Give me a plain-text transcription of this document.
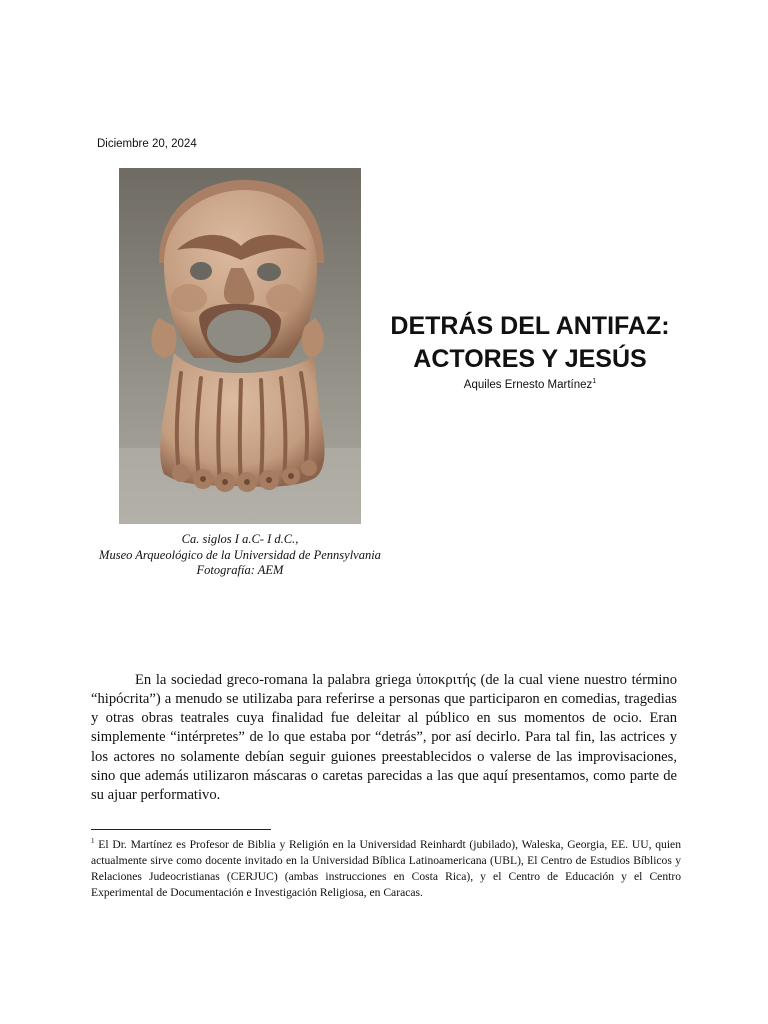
Diciembre 20, 2024
Ca. siglos I a.C- I d.C.,
Museo Arqueológico de la Universidad de Pennsylvania
Fotografía: AEM
DETRÁS DEL ANTIFAZ:
ACTORES Y JESÚS
Aquiles Ernesto Martínez$^1$

En la sociedad greco-romana la palabra griega ὑποκριτής (de la cual viene nuestro término “hipócrita”) a menudo se utilizaba para referirse a personas que participaron en comedias, tragedias y otras obras teatrales cuya finalidad fue deleitar al público en sus momentos de ocio. Eran simplemente “intérpretes” de lo que estaba por “detrás”, por así decirlo. Para tal fin, las actrices y los actores no solamente debían seguir guiones preestablecidos o valerse de las improvisaciones, sino que además utilizaron máscaras o caretas parecidas a las que aquí presentamos, como parte de su ajuar performativo.

$^1$ El Dr. Martínez es Profesor de Biblia y Religión en la Universidad Reinhardt (jubilado), Waleska, Georgia, EE. UU, quien actualmente sirve como docente invitado en la Universidad Bíblica Latinoamericana (UBL), El Centro de Estudios Bíblicos y Relaciones Judeocristianas (CERJUC) (ambas instrucciones en Costa Rica), y el Centro de Educación y el Centro Experimental de Documentación e Investigación Religiosa, en Caracas.
